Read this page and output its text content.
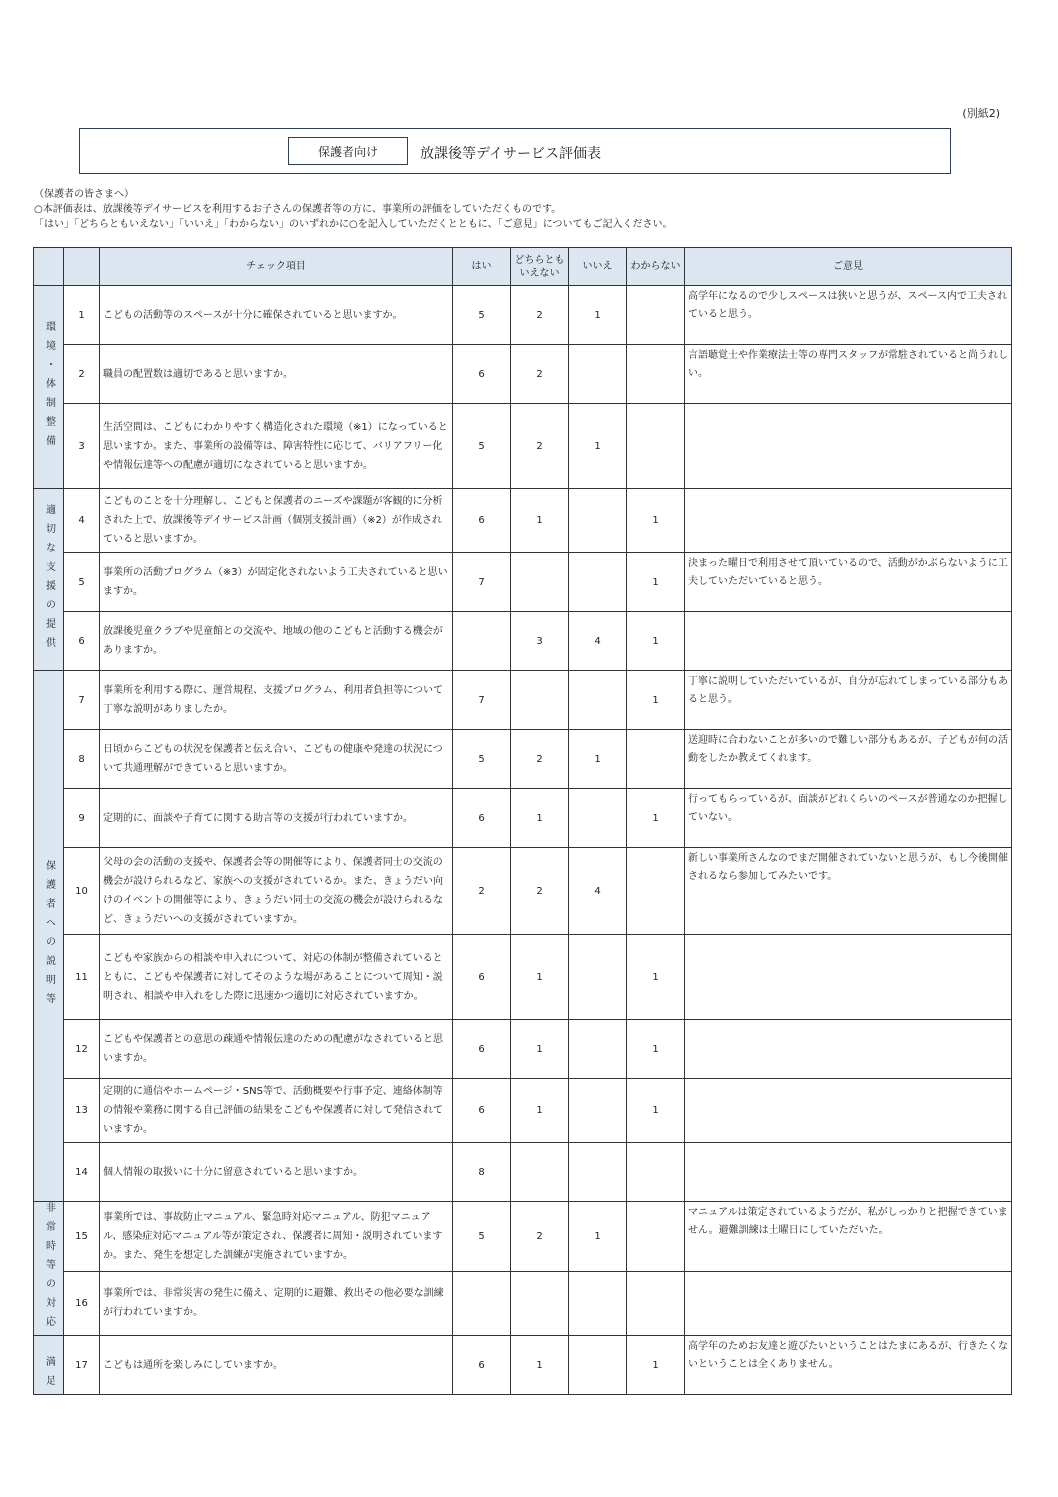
(別紙2)
保護者向け	放課後等デイサービス評価表
（保護者の皆さまへ）
○本評価表は、放課後等デイサービスを利用するお子さんの保護者等の方に、事業所の評価をしていただくものです。
「はい」「どちらともいえない」「いいえ」「わからない」のいずれかに○を記入していただくとともに、「ご意見」についてもご記入ください。
		チェック項目	はい	どちらとも
いえない	いいえ	わからない	ご意見

環境・体制整備	1	こどもの活動等のスペースが十分に確保されていると思いますか。	5	2	1		高学年になるので少しスペースは狭いと思うが、スペース内で工夫されていると思う。
	2	職員の配置数は適切であると思いますか。	6	2			言語聴覚士や作業療法士等の専門スタッフが常駐されていると尚うれしい。
	3	生活空間は、こどもにわかりやすく構造化された環境（※1）になっていると思いますか。また、事業所の設備等は、障害特性に応じて、バリアフリー化や情報伝達等への配慮が適切になされていると思いますか。	5	2	1		

適切な支援の提供	4	こどものことを十分理解し、こどもと保護者のニーズや課題が客観的に分析された上で、放課後等デイサービス計画（個別支援計画）（※2）が作成されていると思いますか。	6	1		1	
	5	事業所の活動プログラム（※3）が固定化されないよう工夫されていると思いますか。	7			1	決まった曜日で利用させて頂いているので、活動がかぶらないように工夫していただいていると思う。
	6	放課後児童クラブや児童館との交流や、地域の他のこどもと活動する機会がありますか。		3	4	1	

保護者への説明等	7	事業所を利用する際に、運営規程、支援プログラム、利用者負担等について丁寧な説明がありましたか。	7			1	丁寧に説明していただいているが、自分が忘れてしまっている部分もあると思う。
	8	日頃からこどもの状況を保護者と伝え合い、こどもの健康や発達の状況について共通理解ができていると思いますか。	5	2	1		送迎時に合わないことが多いので難しい部分もあるが、子どもが何の活動をしたか教えてくれます。
	9	定期的に、面談や子育てに関する助言等の支援が行われていますか。	6	1		1	行ってもらっているが、面談がどれくらいのペースが普通なのか把握していない。
	10	父母の会の活動の支援や、保護者会等の開催等により、保護者同士の交流の機会が設けられるなど、家族への支援がされているか。また、きょうだい向けのイベントの開催等により、きょうだい同士の交流の機会が設けられるなど、きょうだいへの支援がされていますか。	2	2	4		新しい事業所さんなのでまだ開催されていないと思うが、もし今後開催されるなら参加してみたいです。
	11	こどもや家族からの相談や申入れについて、対応の体制が整備されているとともに、こどもや保護者に対してそのような場があることについて周知・説明され、相談や申入れをした際に迅速かつ適切に対応されていますか。	6	1		1	
	12	こどもや保護者との意思の疎通や情報伝達のための配慮がなされていると思いますか。	6	1		1	
	13	定期的に通信やホームページ・SNS等で、活動概要や行事予定、連絡体制等の情報や業務に関する自己評価の結果をこどもや保護者に対して発信されていますか。	6	1		1	
	14	個人情報の取扱いに十分に留意されていると思いますか。	8				

非常時等の対応	15	事業所では、事故防止マニュアル、緊急時対応マニュアル、防犯マニュアル、感染症対応マニュアル等が策定され、保護者に周知・説明されていますか。また、発生を想定した訓練が実施されていますか。	5	2	1		マニュアルは策定されているようだが、私がしっかりと把握できていません。避難訓練は土曜日にしていただいた。
	16	事業所では、非常災害の発生に備え、定期的に避難、救出その他必要な訓練が行われていますか。					

満足	17	こどもは通所を楽しみにしていますか。	6	1		1	高学年のためお友達と遊びたいということはたまにあるが、行きたくないということは全くありません。
